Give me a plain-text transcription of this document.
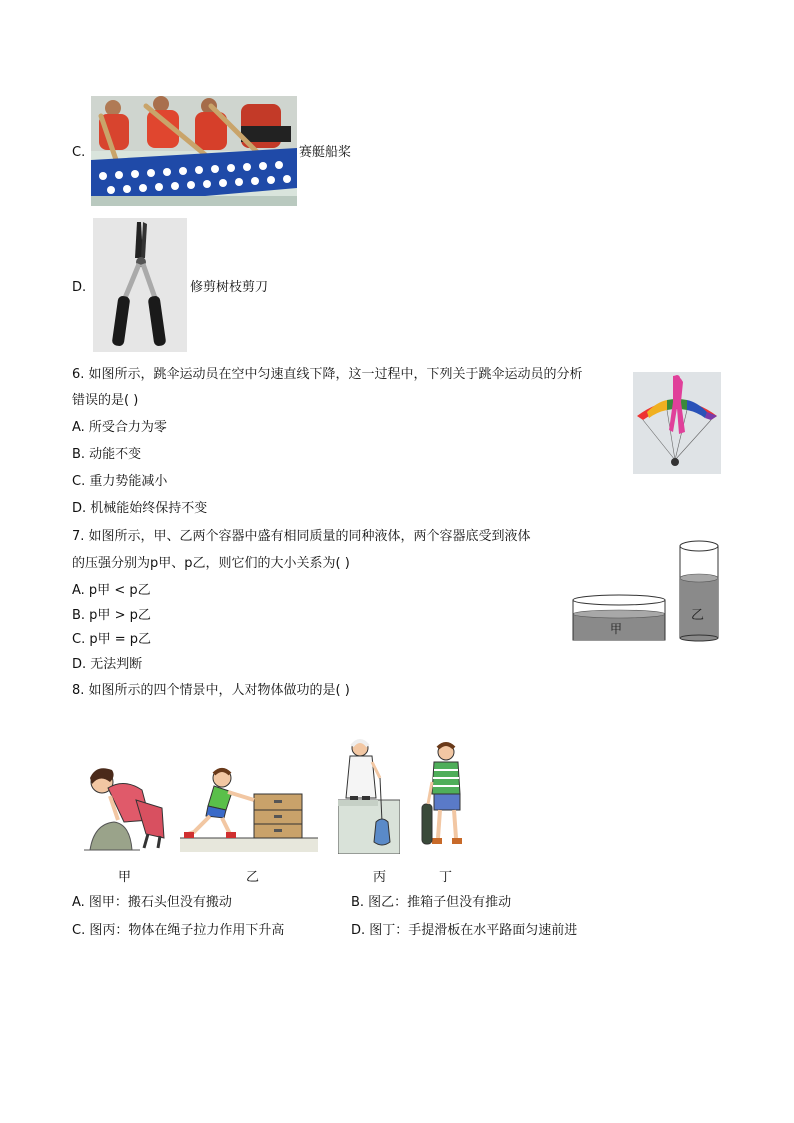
C.	赛艇船桨
D.	修剪树枝剪刀
6. 如图所示，跳伞运动员在空中匀速直线下降，这一过程中，下列关于跳伞运动员的分析
错误的是( )
A. 所受合力为零
B. 动能不变
C. 重力势能减小
D. 机械能始终保持不变
7. 如图所示，甲、乙两个容器中盛有相同质量的同种液体，两个容器底受到液体
的压强分别为p甲、p乙，则它们的大小关系为( )
A. p甲 < p乙
B. p甲 > p乙
C. p甲 = p乙
D. 无法判断
甲
乙
8. 如图所示的四个情景中，人对物体做功的是( )
甲	乙	丙	丁
A. 图甲：搬石头但没有搬动	B. 图乙：推箱子但没有推动
C. 图丙：物体在绳子拉力作用下升高	D. 图丁：手提滑板在水平路面匀速前进
